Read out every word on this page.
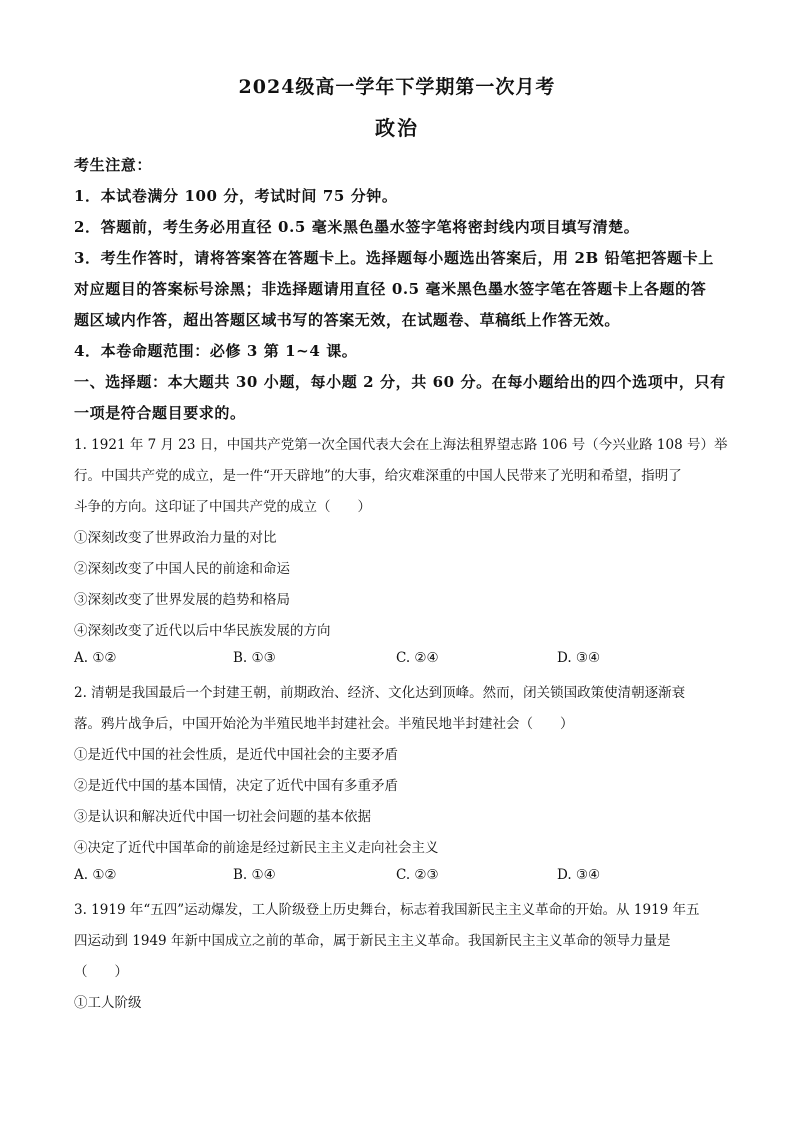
2024级高一学年下学期第一次月考
政治
考生注意：
1．本试卷满分 100 分，考试时间 75 分钟。
2．答题前，考生务必用直径 0.5 毫米黑色墨水签字笔将密封线内项目填写清楚。
3．考生作答时，请将答案答在答题卡上。选择题每小题选出答案后，用 2B 铅笔把答题卡上
对应题目的答案标号涂黑；非选择题请用直径 0.5 毫米黑色墨水签字笔在答题卡上各题的答
题区域内作答，超出答题区域书写的答案无效，在试题卷、草稿纸上作答无效。
4．本卷命题范围：必修 3 第 1~4 课。
一、选择题：本大题共 30 小题，每小题 2 分，共 60 分。在每小题给出的四个选项中，只有
一项是符合题目要求的。
1. 1921 年 7 月 23 日，中国共产党第一次全国代表大会在上海法租界望志路 106 号（今兴业路 108 号）举
行。中国共产党的成立，是一件“开天辟地”的大事，给灾难深重的中国人民带来了光明和希望，指明了
斗争的方向。这印证了中国共产党的成立（　　）
①深刻改变了世界政治力量的对比
②深刻改变了中国人民的前途和命运
③深刻改变了世界发展的趋势和格局
④深刻改变了近代以后中华民族发展的方向
A. ①②	B. ①③	C. ②④	D. ③④
2. 清朝是我国最后一个封建王朝，前期政治、经济、文化达到顶峰。然而，闭关锁国政策使清朝逐渐衰
落。鸦片战争后，中国开始沦为半殖民地半封建社会。半殖民地半封建社会（　　）
①是近代中国的社会性质，是近代中国社会的主要矛盾
②是近代中国的基本国情，决定了近代中国有多重矛盾
③是认识和解决近代中国一切社会问题的基本依据
④决定了近代中国革命的前途是经过新民主主义走向社会主义
A. ①②	B. ①④	C. ②③	D. ③④
3. 1919 年“五四”运动爆发，工人阶级登上历史舞台，标志着我国新民主主义革命的开始。从 1919 年五
四运动到 1949 年新中国成立之前的革命，属于新民主主义革命。我国新民主主义革命的领导力量是
（　　）
①工人阶级
